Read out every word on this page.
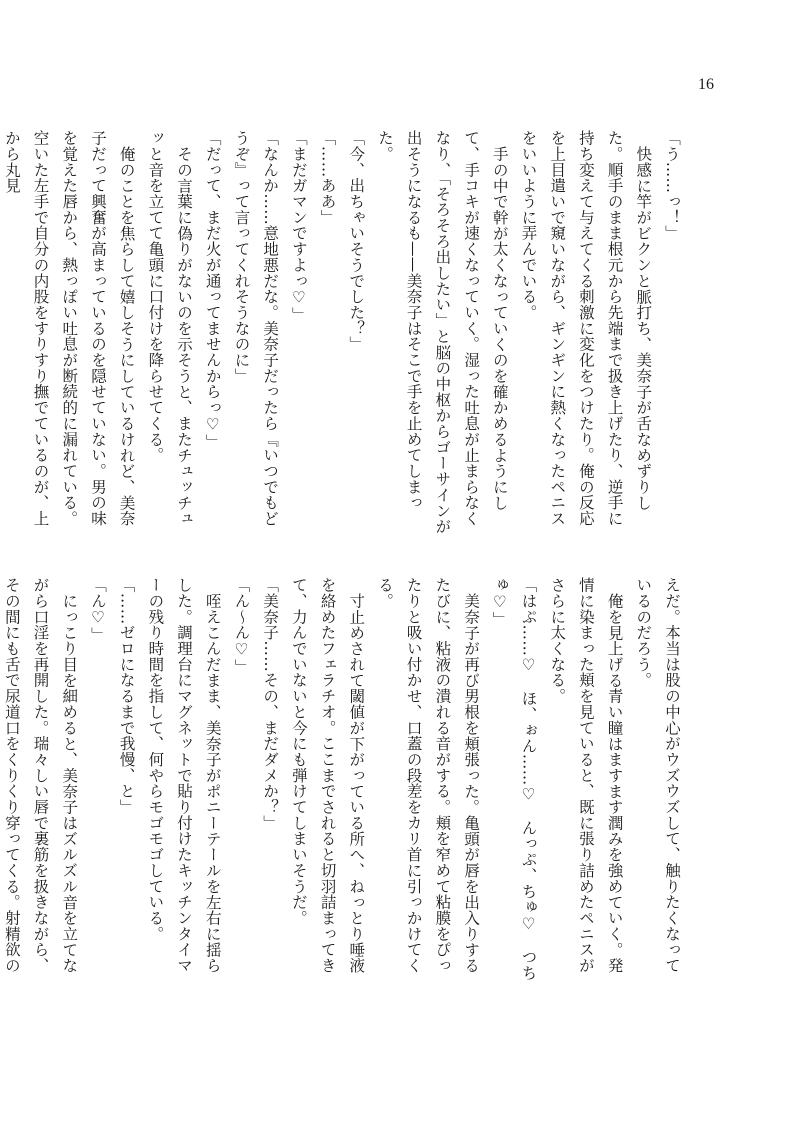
16

「う……っ！」

快感に竿がビクンと脈打ち、美奈子が舌なめずりした。順手のまま根元から先端まで扱き上げたり、逆手に持ち変えて与えてくる刺激に変化をつけたり。俺の反応を上目遣いで窺いながら、ギンギンに熱くなったペニスをいいように弄んでいる。

手の中で幹が太くなっていくのを確かめるようにして、手コキが速くなっていく。湿った吐息が止まらなくなり、「そろそろ出したい」と脳の中枢からゴーサインが出そうになるも——美奈子はそこで手を止めてしまった。

「今、出ちゃいそうでした？」

「……ああ」

「まだガマンですよっ♡」

「なんか……意地悪だな。美奈子だったら『いつでもどうぞ』って言ってくれそうなのに」

「だって、まだ火が通ってませんからっ♡」

その言葉に偽りがないのを示そうと、またチュッチュッと音を立てて亀頭に口付けを降らせてくる。

俺のことを焦らして嬉しそうにしているけれど、美奈子だって興奮が高まっているのを隠せていない。男の味を覚えた唇から、熱っぽい吐息が断続的に漏れている。空いた左手で自分の内股をすりすり撫でているのが、上から丸見

えだ。本当は股の中心がウズウズして、触りたくなっているのだろう。

俺を見上げる青い瞳はますます潤みを強めていく。発情に染まった頬を見ていると、既に張り詰めたペニスがさらに太くなる。

「はぷ……♡　ほ、ぉん……♡　んっぷ、ちゅ♡　つちゅ♡」

美奈子が再び男根を頬張った。亀頭が唇を出入りするたびに、粘液の潰れる音がする。頬を窄めて粘膜をぴったりと吸い付かせ、口蓋の段差をカリ首に引っかけてくる。

寸止めされて閾値が下がっている所へ、ねっとり唾液を絡めたフェラチオ。ここまでされると切羽詰まってきて、力んでいないと今にも弾けてしまいそうだ。

「美奈子……その、まだダメか？」

「ん〜ん♡」

咥えこんだまま、美奈子がポニーテールを左右に揺らした。調理台にマグネットで貼り付けたキッチンタイマーの残り時間を指して、何やらモゴモゴしている。

「……ゼロになるまで我慢、と」

「ん♡」

にっこり目を細めると、美奈子はズルズル音を立てながら口淫を再開した。瑞々しい唇で裏筋を扱きながら、その間にも舌で尿道口をくりくり穿ってくる。射精欲の
